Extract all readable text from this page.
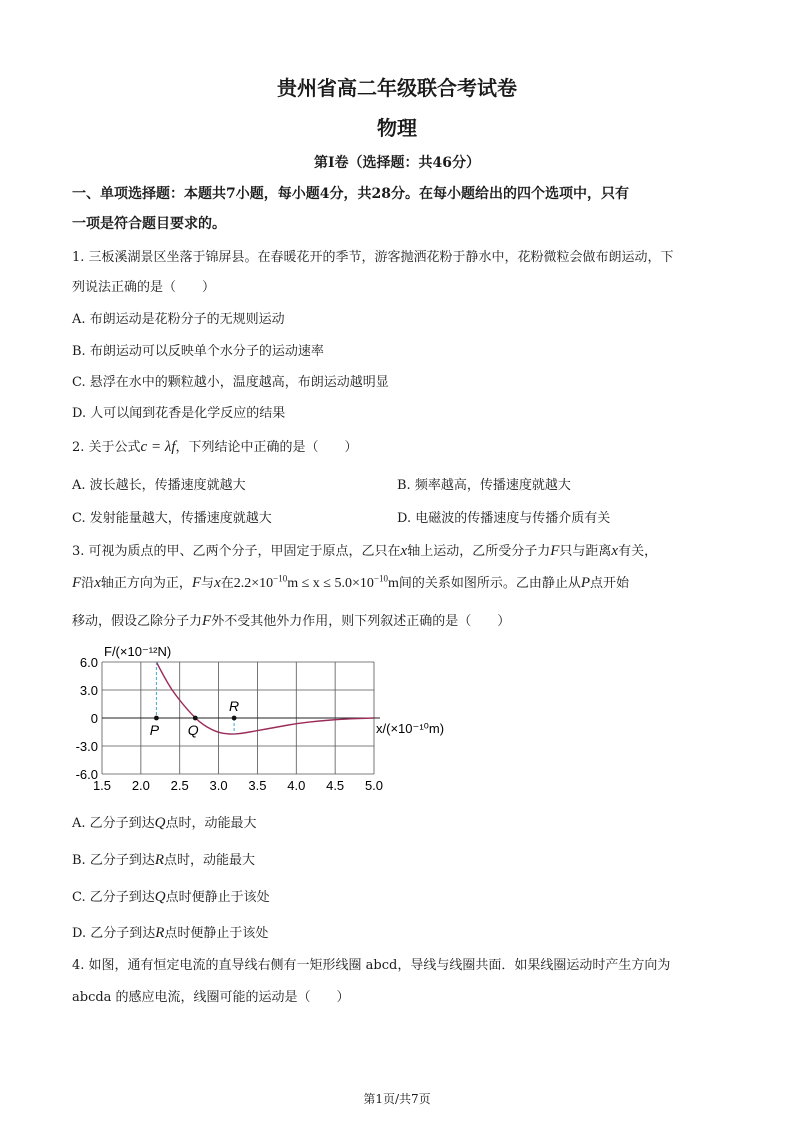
贵州省高二年级联合考试卷
物理
第Ⅰ卷（选择题：共46分）
一、单项选择题：本题共7小题，每小题4分，共28分。在每小题给出的四个选项中，只有
一项是符合题目要求的。
1. 三板溪湖景区坐落于锦屏县。在春暖花开的季节，游客抛洒花粉于静水中，花粉微粒会做布朗运动，下
列说法正确的是（　　）
A. 布朗运动是花粉分子的无规则运动
B. 布朗运动可以反映单个水分子的运动速率
C. 悬浮在水中的颗粒越小，温度越高，布朗运动越明显
D. 人可以闻到花香是化学反应的结果
2. 关于公式c = λf，下列结论中正确的是（　　）
A. 波长越长，传播速度就越大	B. 频率越高，传播速度就越大
C. 发射能量越大，传播速度就越大	D. 电磁波的传播速度与传播介质有关
3. 可视为质点的甲、乙两个分子，甲固定于原点，乙只在x轴上运动，乙所受分子力F只与距离x有关，
F沿x轴正方向为正，F与x在$2.2\times 10^{-10}m \le x \le 5.0\times 10^{-10}m$间的关系如图所示。乙由静止从P点开始
移动，假设乙除分子力F外不受其他外力作用，则下列叙述正确的是（　　）
F/(×10⁻¹²N)
x/(×10⁻¹⁰m)
6.0
3.0
0
-3.0
-6.0
1.5 2.0 2.5 3.0 3.5 4.0 4.5 5.0
P Q
R
A. 乙分子到达Q点时，动能最大
B. 乙分子到达R点时，动能最大
C. 乙分子到达Q点时便静止于该处
D. 乙分子到达R点时便静止于该处
4. 如图，通有恒定电流的直导线右侧有一矩形线圈 abcd，导线与线圈共面．如果线圈运动时产生方向为
abcda 的感应电流，线圈可能的运动是（　　）
第1页/共7页
